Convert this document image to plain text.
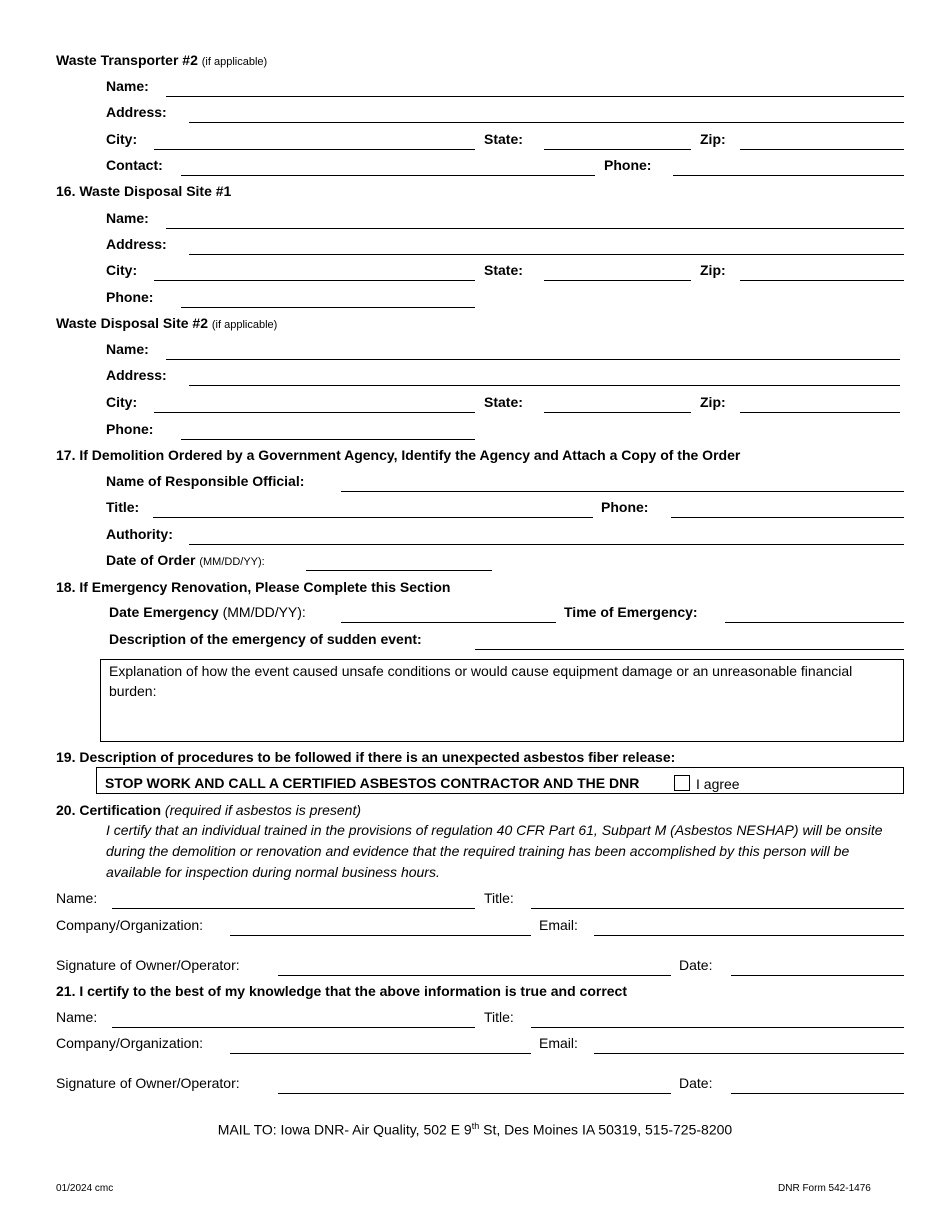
Waste Transporter #2 (if applicable)
Name:
Address:
City:	State:	Zip:
Contact:	Phone:
16. Waste Disposal Site #1
Name:
Address:
City:	State:	Zip:
Phone:
Waste Disposal Site #2 (if applicable)
Name:
Address:
City:	State:	Zip:
Phone:
17. If Demolition Ordered by a Government Agency, Identify the Agency and Attach a Copy of the Order
Name of Responsible Official:
Title:	Phone:
Authority:
Date of Order (MM/DD/YY):
18. If Emergency Renovation, Please Complete this Section
Date Emergency (MM/DD/YY):	Time of Emergency:
Description of the emergency of sudden event:
Explanation of how the event caused unsafe conditions or would cause equipment damage or an unreasonable financial burden:
19. Description of procedures to be followed if there is an unexpected asbestos fiber release:
STOP WORK AND CALL A CERTIFIED ASBESTOS CONTRACTOR AND THE DNR	I agree
20. Certification (required if asbestos is present)
I certify that an individual trained in the provisions of regulation 40 CFR Part 61, Subpart M (Asbestos NESHAP) will be onsite during the demolition or renovation and evidence that the required training has been accomplished by this person will be available for inspection during normal business hours.
Name:	Title:
Company/Organization:	Email:
Signature of Owner/Operator:	Date:
21. I certify to the best of my knowledge that the above information is true and correct
Name:	Title:
Company/Organization:	Email:
Signature of Owner/Operator:	Date:
MAIL TO: Iowa DNR- Air Quality, 502 E 9th St, Des Moines IA 50319, 515-725-8200
01/2024 cmc	DNR Form 542-1476
